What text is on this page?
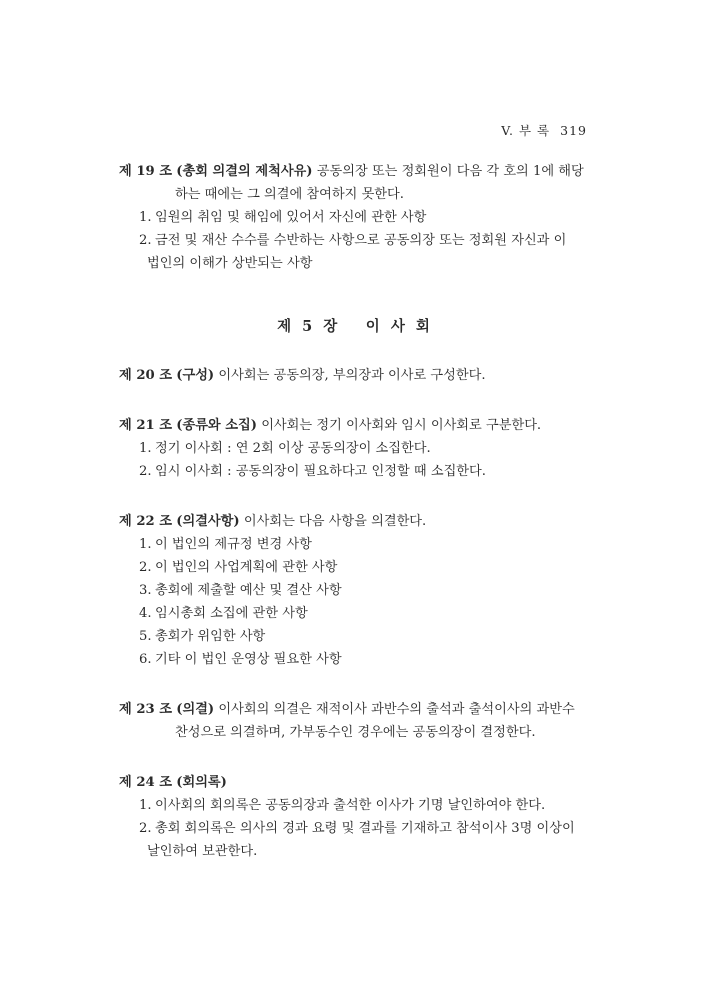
V. 부 록 319
제 19 조 (총회 의결의 제척사유) 공동의장 또는 정회원이 다음 각 호의 1에 해당
하는 때에는 그 의결에 참여하지 못한다.
1. 임원의 취임 및 해임에 있어서 자신에 관한 사항
2. 금전 및 재산 수수를 수반하는 사항으로 공동의장 또는 정회원 자신과 이
법인의 이해가 상반되는 사항
제 5 장　 이 사 회
제 20 조 (구성) 이사회는 공동의장, 부의장과 이사로 구성한다.
제 21 조 (종류와 소집) 이사회는 정기 이사회와 임시 이사회로 구분한다.
1. 정기 이사회 : 연 2회 이상 공동의장이 소집한다.
2. 임시 이사회 : 공동의장이 필요하다고 인정할 때 소집한다.
제 22 조 (의결사항) 이사회는 다음 사항을 의결한다.
1. 이 법인의 제규정 변경 사항
2. 이 법인의 사업계획에 관한 사항
3. 총회에 제출할 예산 및 결산 사항
4. 임시총회 소집에 관한 사항
5. 총회가 위임한 사항
6. 기타 이 법인 운영상 필요한 사항
제 23 조 (의결) 이사회의 의결은 재적이사 과반수의 출석과 출석이사의 과반수
찬성으로 의결하며, 가부동수인 경우에는 공동의장이 결정한다.
제 24 조 (회의록)
1. 이사회의 회의록은 공동의장과 출석한 이사가 기명 날인하여야 한다.
2. 총회 회의록은 의사의 경과 요령 및 결과를 기재하고 참석이사 3명 이상이
날인하여 보관한다.
